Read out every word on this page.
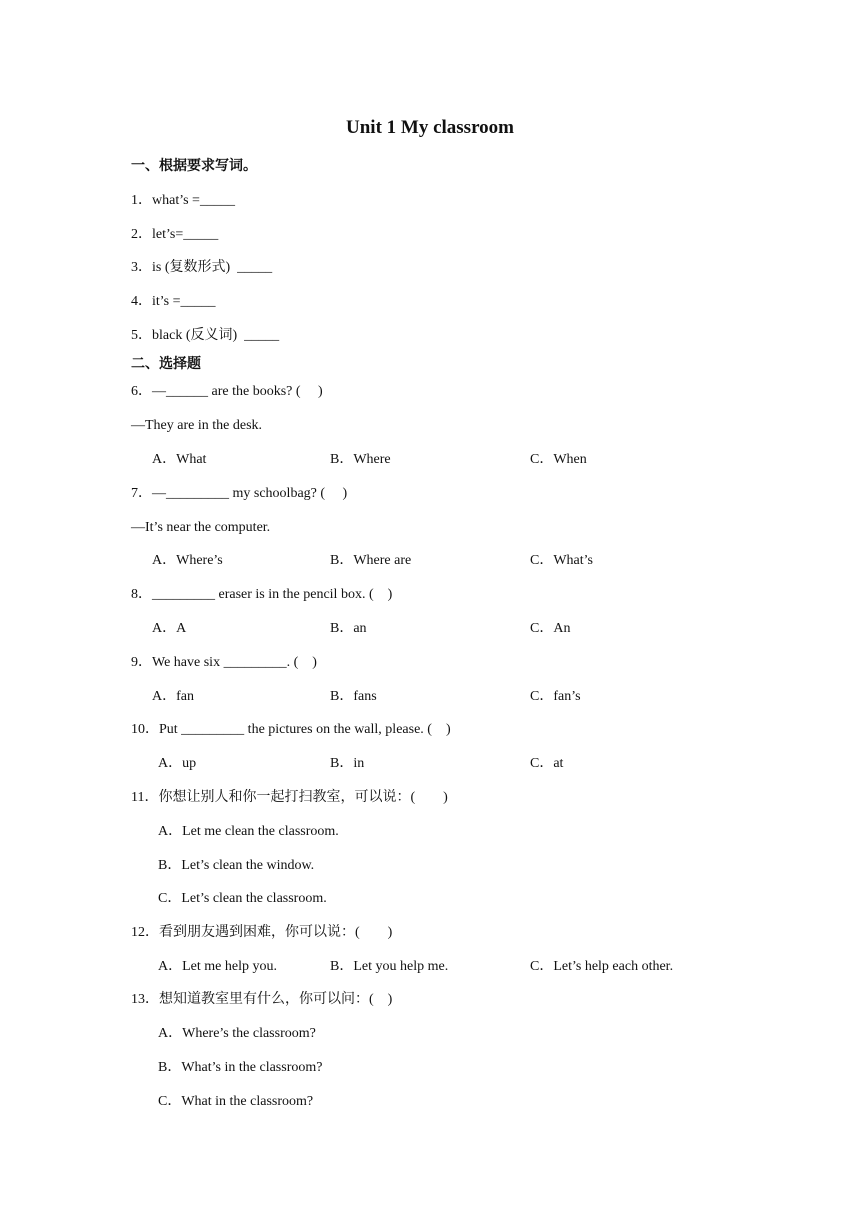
Unit 1 My classroom
一、根据要求写词。
1．what’s =_____
2．let’s=_____
3．is (复数形式)  _____
4．it’s =_____
5．black (反义词)  _____
二、选择题
6．—______ are the books? (     )
—They are in the desk.
A．What	B．Where	C．When
7．—_________ my schoolbag? (     )
—It’s near the computer.
A．Where’s	B．Where are	C．What’s
8．_________ eraser is in the pencil box. (    )
A．A	B．an	C．An
9．We have six _________. (    )
A．fan	B．fans	C．fan’s
10．Put _________ the pictures on the wall, please. (    )
A．up	B．in	C．at
11．你想让别人和你一起打扫教室，可以说：(        )
A．Let me clean the classroom.
B．Let’s clean the window.
C．Let’s clean the classroom.
12．看到朋友遇到困难，你可以说：(        )
A．Let me help you.	B．Let you help me.	C．Let’s help each other.
13．想知道教室里有什么，你可以问：(    )
A．Where’s the classroom?
B．What’s in the classroom?
C．What in the classroom?
